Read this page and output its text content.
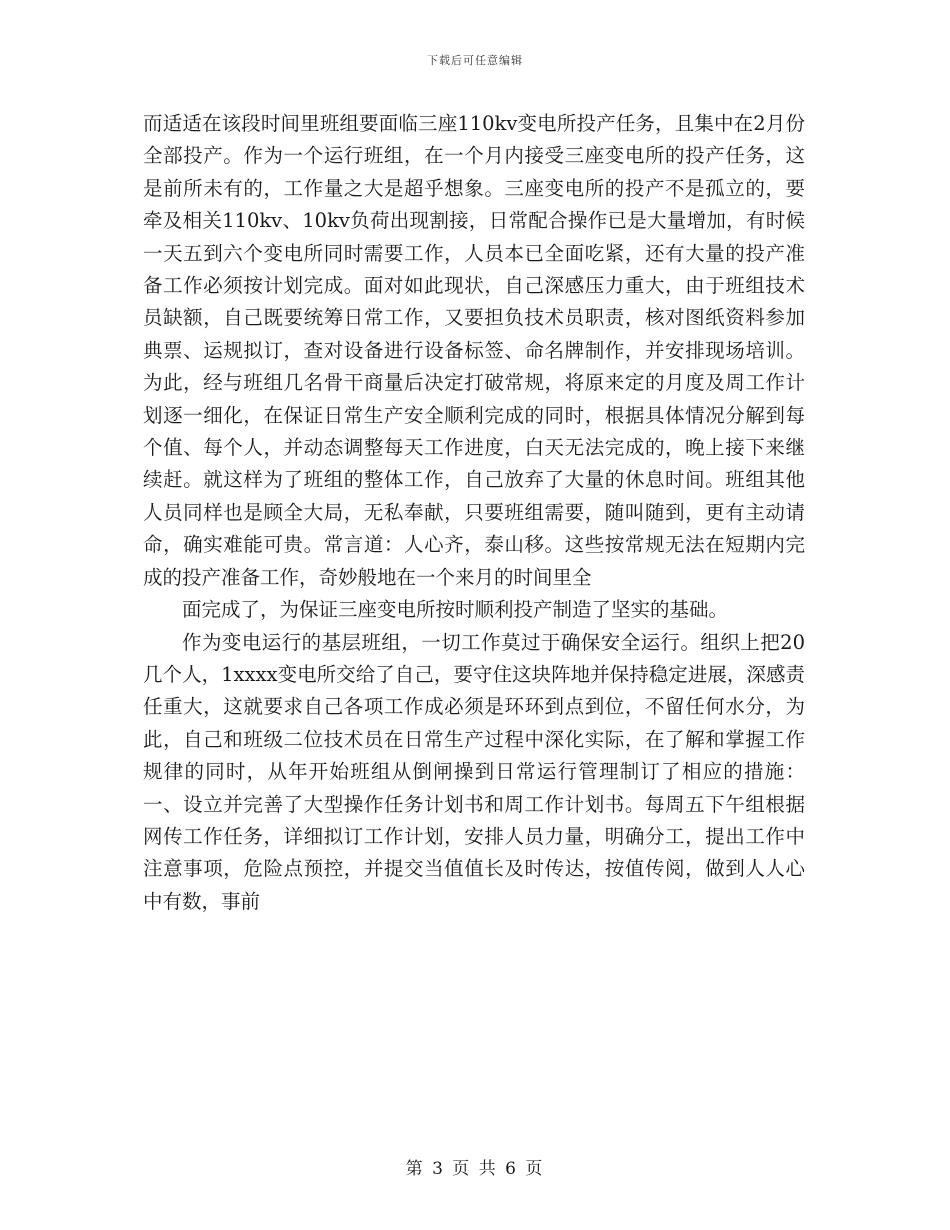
下载后可任意编辑

而适适在该段时间里班组要面临三座110kv变电所投产任务，且集中在2月份全部投产。作为一个运行班组，在一个月内接受三座变电所的投产任务，这是前所未有的，工作量之大是超乎想象。三座变电所的投产不是孤立的，要牵及相关110kv、10kv负荷出现割接，日常配合操作已是大量增加，有时候一天五到六个变电所同时需要工作，人员本已全面吃紧，还有大量的投产准备工作必须按计划完成。面对如此现状，自己深感压力重大，由于班组技术员缺额，自己既要统筹日常工作，又要担负技术员职责，核对图纸资料参加典票、运规拟订，查对设备进行设备标签、命名牌制作，并安排现场培训。为此，经与班组几名骨干商量后决定打破常规，将原来定的月度及周工作计划逐一细化，在保证日常生产安全顺利完成的同时，根据具体情况分解到每个值、每个人，并动态调整每天工作进度，白天无法完成的，晚上接下来继续赶。就这样为了班组的整体工作，自己放弃了大量的休息时间。班组其他人员同样也是顾全大局，无私奉献，只要班组需要，随叫随到，更有主动请命，确实难能可贵。常言道：人心齐，泰山移。这些按常规无法在短期内完成的投产准备工作，奇妙般地在一个来月的时间里全

面完成了，为保证三座变电所按时顺利投产制造了坚实的基础。

作为变电运行的基层班组，一切工作莫过于确保安全运行。组织上把20几个人，1xxxx变电所交给了自己，要守住这块阵地并保持稳定进展，深感责任重大，这就要求自己各项工作成必须是环环到点到位，不留任何水分，为此，自己和班级二位技术员在日常生产过程中深化实际，在了解和掌握工作规律的同时，从年开始班组从倒闸操到日常运行管理制订了相应的措施：一、设立并完善了大型操作任务计划书和周工作计划书。每周五下午组根据网传工作任务，详细拟订工作计划，安排人员力量，明确分工，提出工作中注意事项，危险点预控，并提交当值值长及时传达，按值传阅，做到人人心中有数，事前

第 3 页 共 6 页
